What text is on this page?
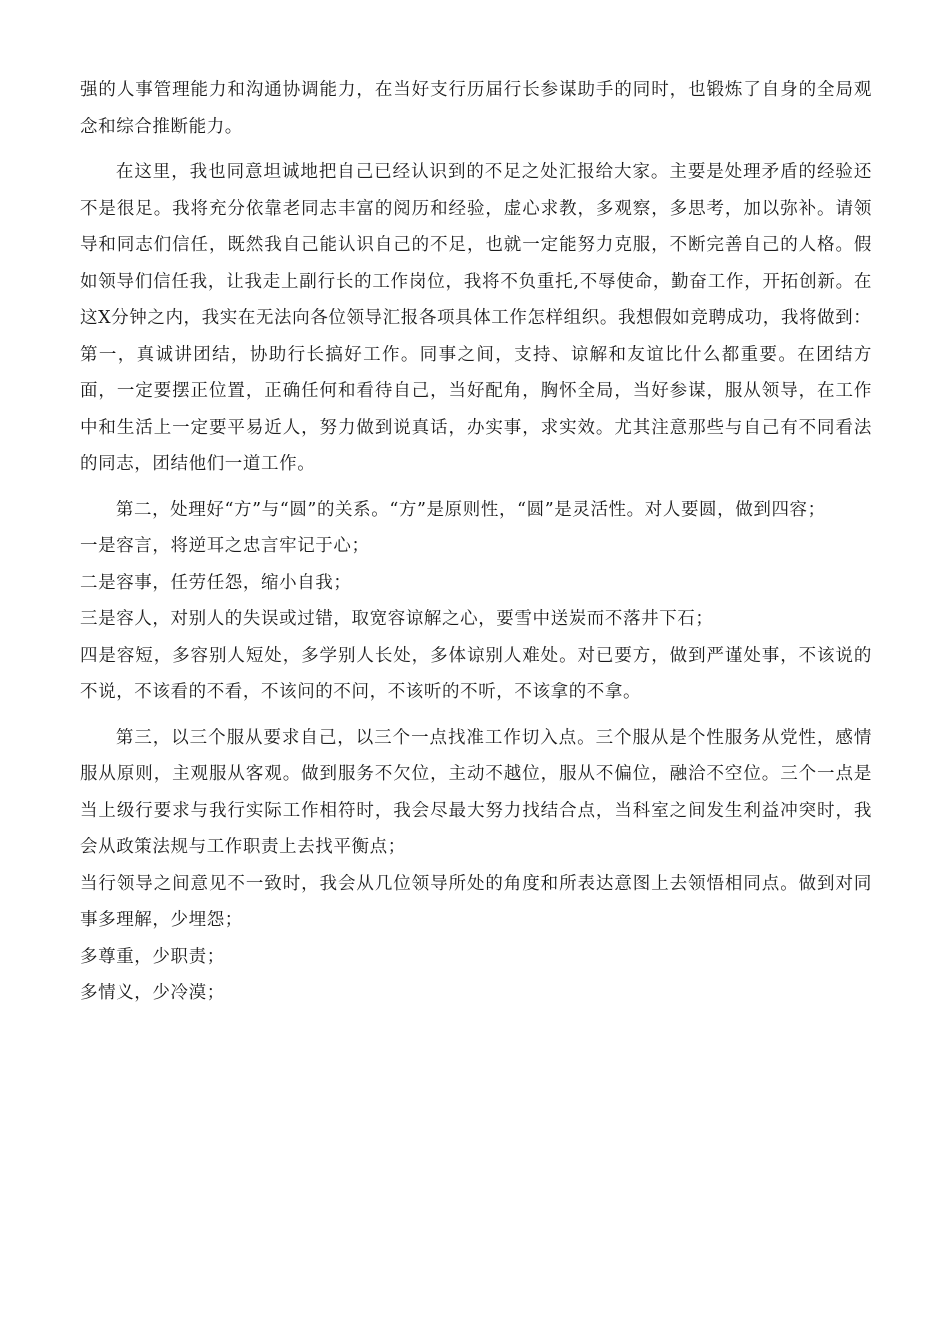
强的人事管理能力和沟通协调能力，在当好支行历届行长参谋助手的同时，也锻炼了自身的全局观念和综合推断能力。

在这里，我也同意坦诚地把自己已经认识到的不足之处汇报给大家。主要是处理矛盾的经验还不是很足。我将充分依靠老同志丰富的阅历和经验，虚心求教，多观察，多思考，加以弥补。请领导和同志们信任，既然我自己能认识自己的不足，也就一定能努力克服，不断完善自己的人格。假如领导们信任我，让我走上副行长的工作岗位，我将不负重托,不辱使命，勤奋工作，开拓创新。在这X分钟之内，我实在无法向各位领导汇报各项具体工作怎样组织。我想假如竞聘成功，我将做到：

第一，真诚讲团结，协助行长搞好工作。同事之间，支持、谅解和友谊比什么都重要。在团结方面，一定要摆正位置，正确任何和看待自己，当好配角，胸怀全局，当好参谋，服从领导，在工作中和生活上一定要平易近人，努力做到说真话，办实事，求实效。尤其注意那些与自己有不同看法的同志，团结他们一道工作。

第二，处理好“方”与“圆”的关系。“方”是原则性，“圆”是灵活性。对人要圆，做到四容；

一是容言，将逆耳之忠言牢记于心；

二是容事，任劳任怨，缩小自我；

三是容人，对别人的失误或过错，取宽容谅解之心，要雪中送炭而不落井下石；

四是容短，多容别人短处，多学别人长处，多体谅别人难处。对已要方，做到严谨处事，不该说的不说，不该看的不看，不该问的不问，不该听的不听，不该拿的不拿。

第三，以三个服从要求自己，以三个一点找准工作切入点。三个服从是个性服务从党性，感情服从原则，主观服从客观。做到服务不欠位，主动不越位，服从不偏位，融洽不空位。三个一点是当上级行要求与我行实际工作相符时，我会尽最大努力找结合点，当科室之间发生利益冲突时，我会从政策法规与工作职责上去找平衡点；

当行领导之间意见不一致时，我会从几位领导所处的角度和所表达意图上去领悟相同点。做到对同事多理解，少埋怨；

多尊重，少职责；

多情义，少冷漠；
